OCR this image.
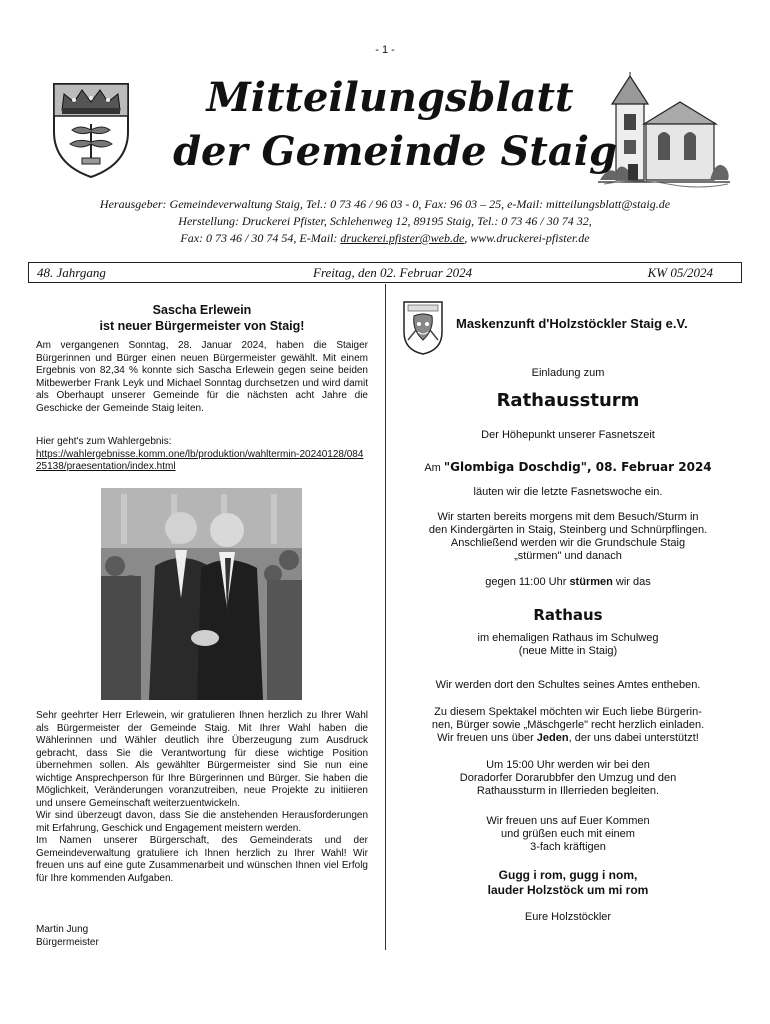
- 1 -
Mitteilungsblatt
der Gemeinde Staig
Herausgeber: Gemeindeverwaltung Staig, Tel.: 0 73 46 / 96 03 - 0, Fax: 96 03 – 25, e-Mail: mitteilungsblatt@staig.de
Herstellung: Druckerei Pfister, Schlehenweg 12, 89195 Staig, Tel.: 0 73 46 / 30 74 32,
Fax: 0 73 46 / 30 74 54, E-Mail: druckerei.pfister@web.de, www.druckerei-pfister.de
48. Jahrgang	Freitag, den 02. Februar 2024	KW 05/2024
Sascha Erlewein
ist neuer Bürgermeister von Staig!
Am vergangenen Sonntag, 28. Januar 2024, haben die Staiger Bürgerinnen und Bürger einen neuen Bürgermeister gewählt. Mit einem Ergebnis von 82,34 % konnte sich Sascha Erlewein gegen seine beiden Mitbewerber Frank Leyk und Michael Sonntag durchsetzen und wird damit als Oberhaupt unserer Gemeinde für die nächsten acht Jahre die Geschicke der Gemeinde Staig leiten.
Hier geht's zum Wahlergebnis:
https://wahlergebnisse.komm.one/lb/produktion/wahltermin-20240128/08425138/praesentation/index.html
Sehr geehrter Herr Erlewein, wir gratulieren Ihnen herzlich zu Ihrer Wahl als Bürgermeister der Gemeinde Staig. Mit Ihrer Wahl haben die Wählerinnen und Wähler deutlich ihre Überzeugung zum Ausdruck gebracht, dass Sie die Verantwortung für diese wichtige Position übernehmen sollen. Als gewählter Bürgermeister sind Sie nun eine wichtige Ansprechperson für Ihre Bürgerinnen und Bürger. Sie haben die Möglichkeit, Veränderungen voranzutreiben, neue Projekte zu initiieren und unsere Gemeinschaft weiterzuentwickeln.
Wir sind überzeugt davon, dass Sie die anstehenden Herausforderungen mit Erfahrung, Geschick und Engagement meistern werden.
Im Namen unserer Bürgerschaft, des Gemeinderats und der Gemeindeverwaltung gratuliere ich Ihnen herzlich zu Ihrer Wahl! Wir freuen uns auf eine gute Zusammenarbeit und wünschen Ihnen viel Erfolg für Ihre kommenden Aufgaben.
Martin Jung
Bürgermeister
Maskenzunft d'Holzstöckler Staig e.V.
Einladung zum
Rathaussturm
Der Höhepunkt unserer Fasnetszeit
Am "Glombiga Doschdig", 08. Februar 2024
läuten wir die letzte Fasnetswoche ein.
Wir starten bereits morgens mit dem Besuch/Sturm in
den Kindergärten in Staig, Steinberg und Schnürpflingen.
Anschließend werden wir die Grundschule Staig
„stürmen" und danach
gegen 11:00 Uhr stürmen wir das
Rathaus
im ehemaligen Rathaus im Schulweg
(neue Mitte in Staig)
Wir werden dort den Schultes seines Amtes entheben.
Zu diesem Spektakel möchten wir Euch liebe Bürgerin-
nen, Bürger sowie „Mäschgerle" recht herzlich einladen.
Wir freuen uns über Jeden, der uns dabei unterstützt!
Um 15:00 Uhr werden wir bei den
Doradorfer Dorarubbfer den Umzug und den
Rathaussturm in Illerrieden begleiten.
Wir freuen uns auf Euer Kommen
und grüßen euch mit einem
3-fach kräftigen
Gugg i rom, gugg i nom,
lauder Holzstöck um mi rom
Eure Holzstöckler
